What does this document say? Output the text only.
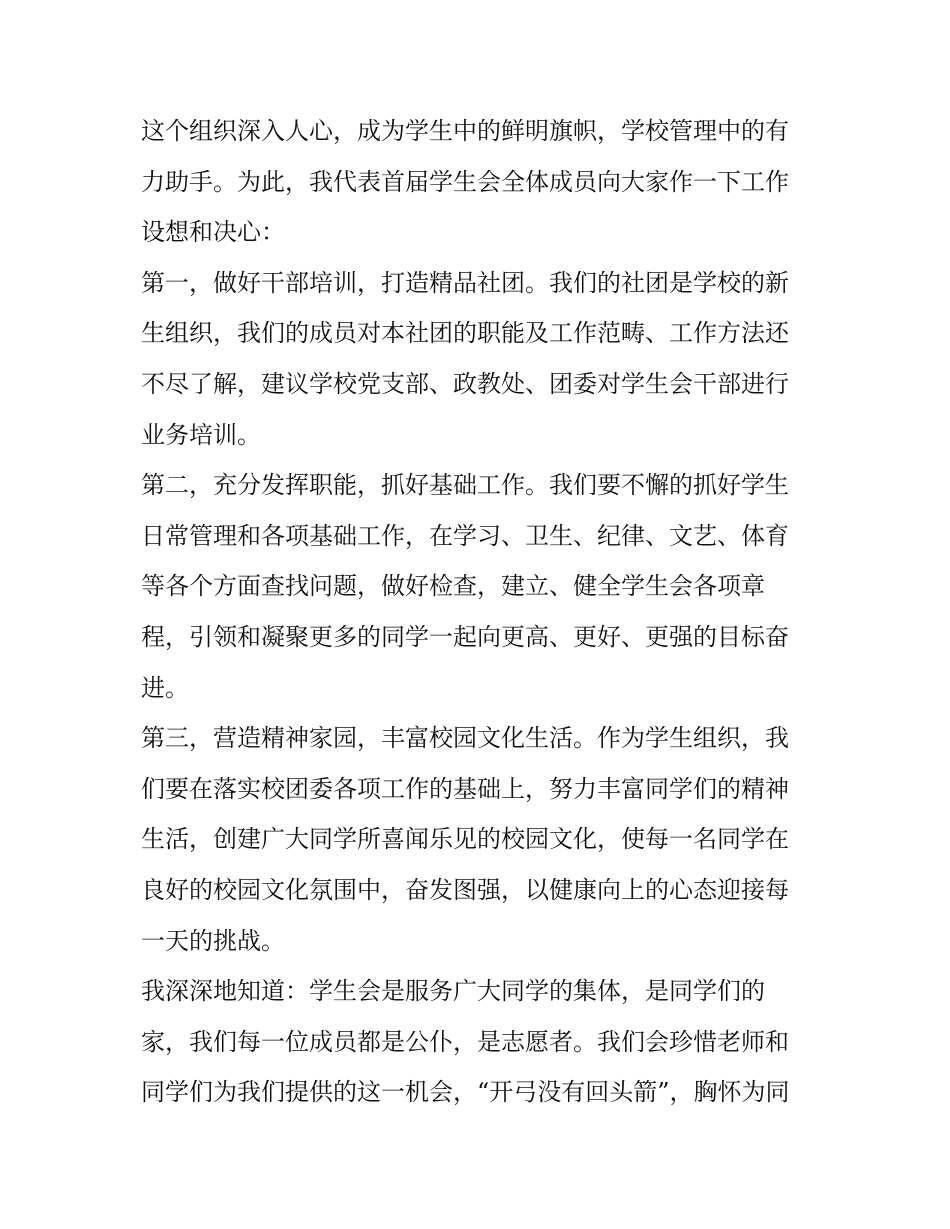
这个组织深入人心，成为学生中的鲜明旗帜，学校管理中的有
力助手。为此，我代表首届学生会全体成员向大家作一下工作
设想和决心：
第一，做好干部培训，打造精品社团。我们的社团是学校的新
生组织，我们的成员对本社团的职能及工作范畴、工作方法还
不尽了解，建议学校党支部、政教处、团委对学生会干部进行
业务培训。
第二，充分发挥职能，抓好基础工作。我们要不懈的抓好学生
日常管理和各项基础工作，在学习、卫生、纪律、文艺、体育
等各个方面查找问题，做好检查，建立、健全学生会各项章
程，引领和凝聚更多的同学一起向更高、更好、更强的目标奋
进。
第三，营造精神家园，丰富校园文化生活。作为学生组织，我
们要在落实校团委各项工作的基础上，努力丰富同学们的精神
生活，创建广大同学所喜闻乐见的校园文化，使每一名同学在
良好的校园文化氛围中，奋发图强，以健康向上的心态迎接每
一天的挑战。
我深深地知道：学生会是服务广大同学的集体，是同学们的
家，我们每一位成员都是公仆，是志愿者。我们会珍惜老师和
同学们为我们提供的这一机会，“开弓没有回头箭”，胸怀为同
